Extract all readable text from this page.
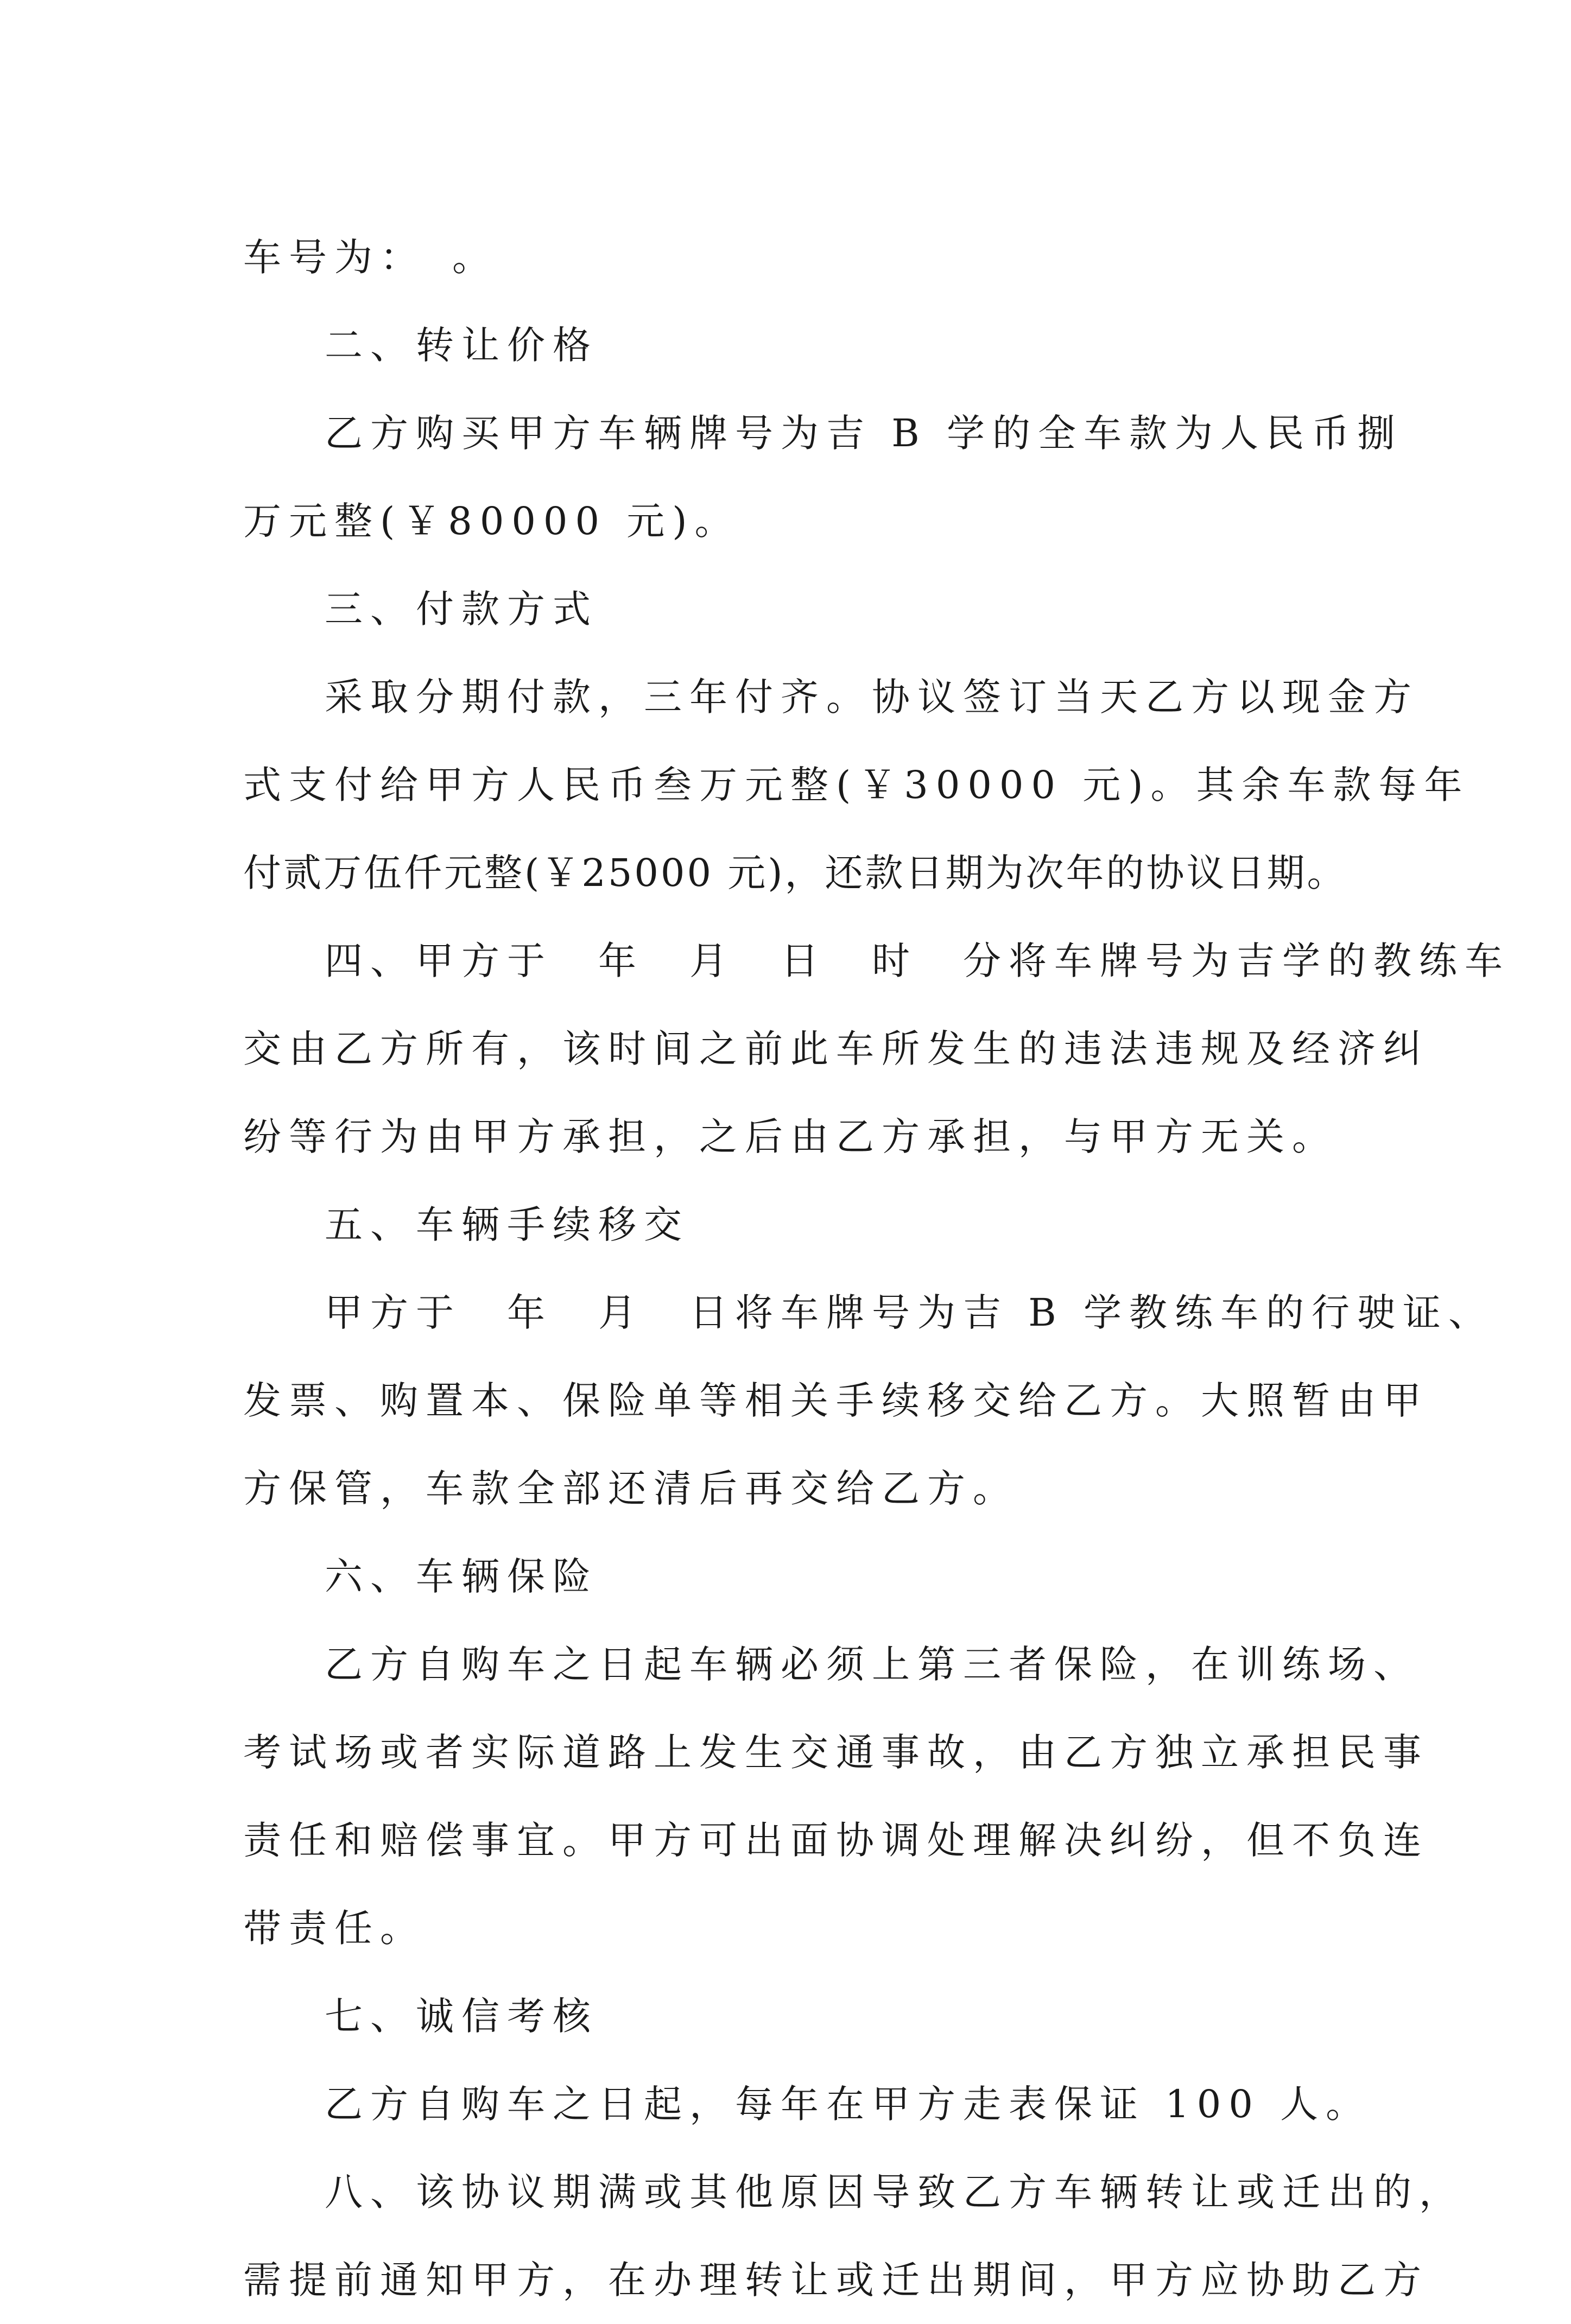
车号为：　。
二、转让价格
乙方购买甲方车辆牌号为吉 B 学的全车款为人民币捌
万元整(￥80000 元)。
三、付款方式
采取分期付款，三年付齐。协议签订当天乙方以现金方
式支付给甲方人民币叁万元整(￥30000 元)。其余车款每年
付贰万伍仟元整(￥25000 元)，还款日期为次年的协议日期。
四、甲方于　年　月　日　时　分将车牌号为吉学的教练车
交由乙方所有，该时间之前此车所发生的违法违规及经济纠
纷等行为由甲方承担，之后由乙方承担，与甲方无关。
五、车辆手续移交
甲方于　年　月　日将车牌号为吉 B 学教练车的行驶证、
发票、购置本、保险单等相关手续移交给乙方。大照暂由甲
方保管，车款全部还清后再交给乙方。
六、车辆保险
乙方自购车之日起车辆必须上第三者保险，在训练场、
考试场或者实际道路上发生交通事故，由乙方独立承担民事
责任和赔偿事宜。甲方可出面协调处理解决纠纷，但不负连
带责任。
七、诚信考核
乙方自购车之日起，每年在甲方走表保证 100 人。
八、该协议期满或其他原因导致乙方车辆转让或迁出的，
需提前通知甲方，在办理转让或迁出期间，甲方应协助乙方
